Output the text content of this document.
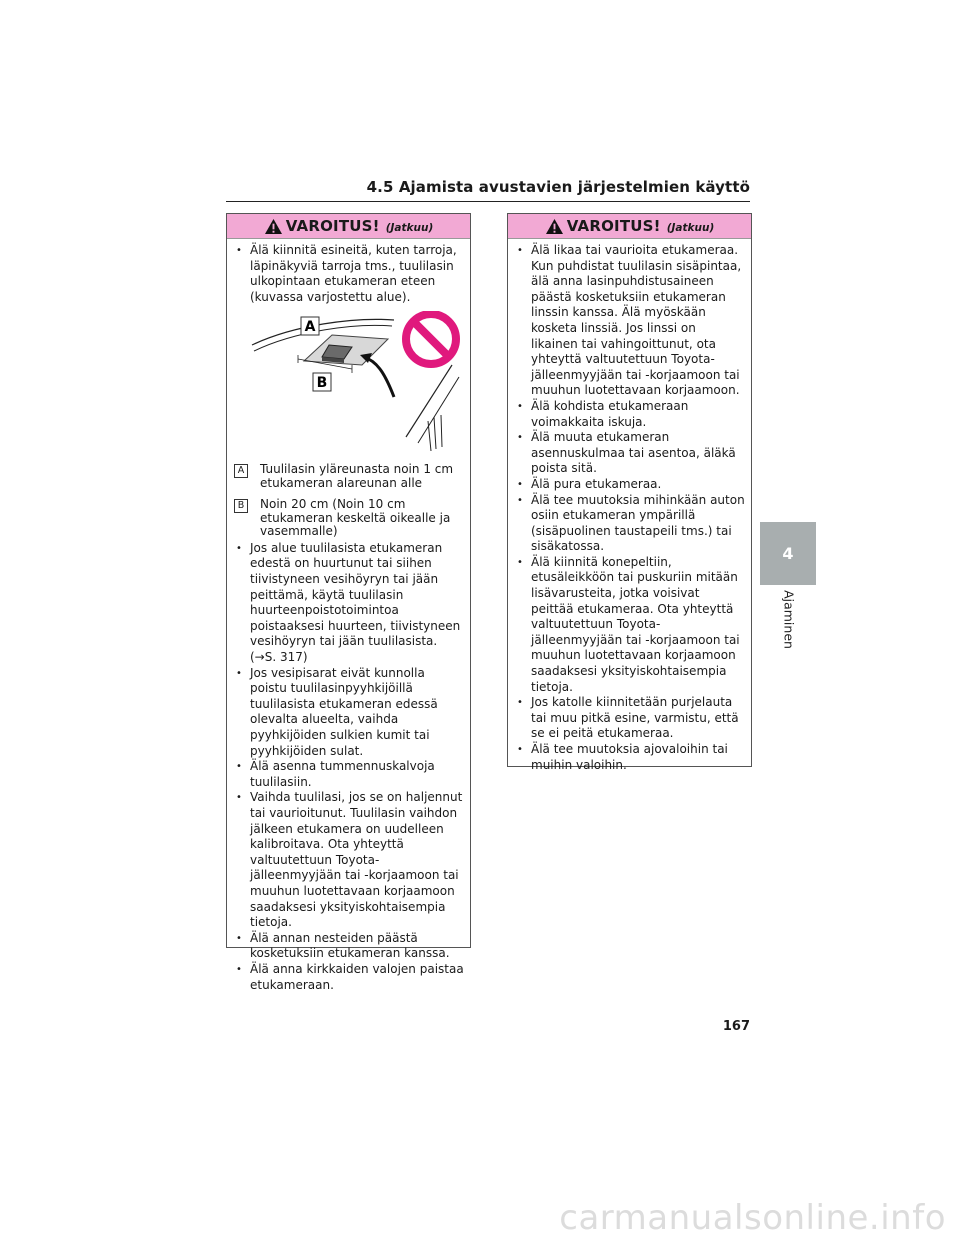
4.5 Ajamista avustavien järjestelmien käyttö
VAROITUS! (Jatkuu)
• Älä kiinnitä esineitä, kuten tarroja, läpinäkyviä tarroja tms., tuulilasin ulkopintaan etukameran eteen (kuvassa varjostettu alue).
A
B
A	Tuulilasin yläreunasta noin 1 cm etukameran alareunan alle
B	Noin 20 cm (Noin 10 cm etukameran keskeltä oikealle ja vasemmalle)
• Jos alue tuulilasista etukameran edestä on huurtunut tai siihen tiivistyneen vesihöyryn tai jään peittämä, käytä tuulilasin huurteenpoistotoimintoa poistaaksesi huurteen, tiivistyneen vesihöyryn tai jään tuulilasista. (→S. 317)
• Jos vesipisarat eivät kunnolla poistu tuulilasinpyyhkijöillä tuulilasista etukameran edessä olevalta alueelta, vaihda pyyhkijöiden sulkien kumit tai pyyhkijöiden sulat.
• Älä asenna tummennuskalvoja tuulilasiin.
• Vaihda tuulilasi, jos se on haljennut tai vaurioitunut. Tuulilasin vaihdon jälkeen etukamera on uudelleen kalibroitava. Ota yhteyttä valtuutettuun Toyota-jälleenmyyjään tai -korjaamoon tai muuhun luotettavaan korjaamoon saadaksesi yksityiskohtaisempia tietoja.
• Älä annan nesteiden päästä kosketuksiin etukameran kanssa.
• Älä anna kirkkaiden valojen paistaa etukameraan.
VAROITUS! (Jatkuu)
• Älä likaa tai vaurioita etukameraa. Kun puhdistat tuulilasin sisäpintaa, älä anna lasinpuhdistusaineen päästä kosketuksiin etukameran linssin kanssa. Älä myöskään kosketa linssiä. Jos linssi on likainen tai vahingoittunut, ota yhteyttä valtuutettuun Toyota-jälleenmyyjään tai -korjaamoon tai muuhun luotettavaan korjaamoon.
• Älä kohdista etukameraan voimakkaita iskuja.
• Älä muuta etukameran asennuskulmaa tai asentoa, äläkä poista sitä.
• Älä pura etukameraa.
• Älä tee muutoksia mihinkään auton osiin etukameran ympärillä (sisäpuolinen taustapeili tms.) tai sisäkatossa.
• Älä kiinnitä konepeltiin, etusäleikköön tai puskuriin mitään lisävarusteita, jotka voisivat peittää etukameraa. Ota yhteyttä valtuutettuun Toyota-jälleenmyyjään tai -korjaamoon tai muuhun luotettavaan korjaamoon saadaksesi yksityiskohtaisempia tietoja.
• Jos katolle kiinnitetään purjelauta tai muu pitkä esine, varmistu, että se ei peitä etukameraa.
• Älä tee muutoksia ajovaloihin tai muihin valoihin.
4
Ajaminen
167
carmanualsonline.info
